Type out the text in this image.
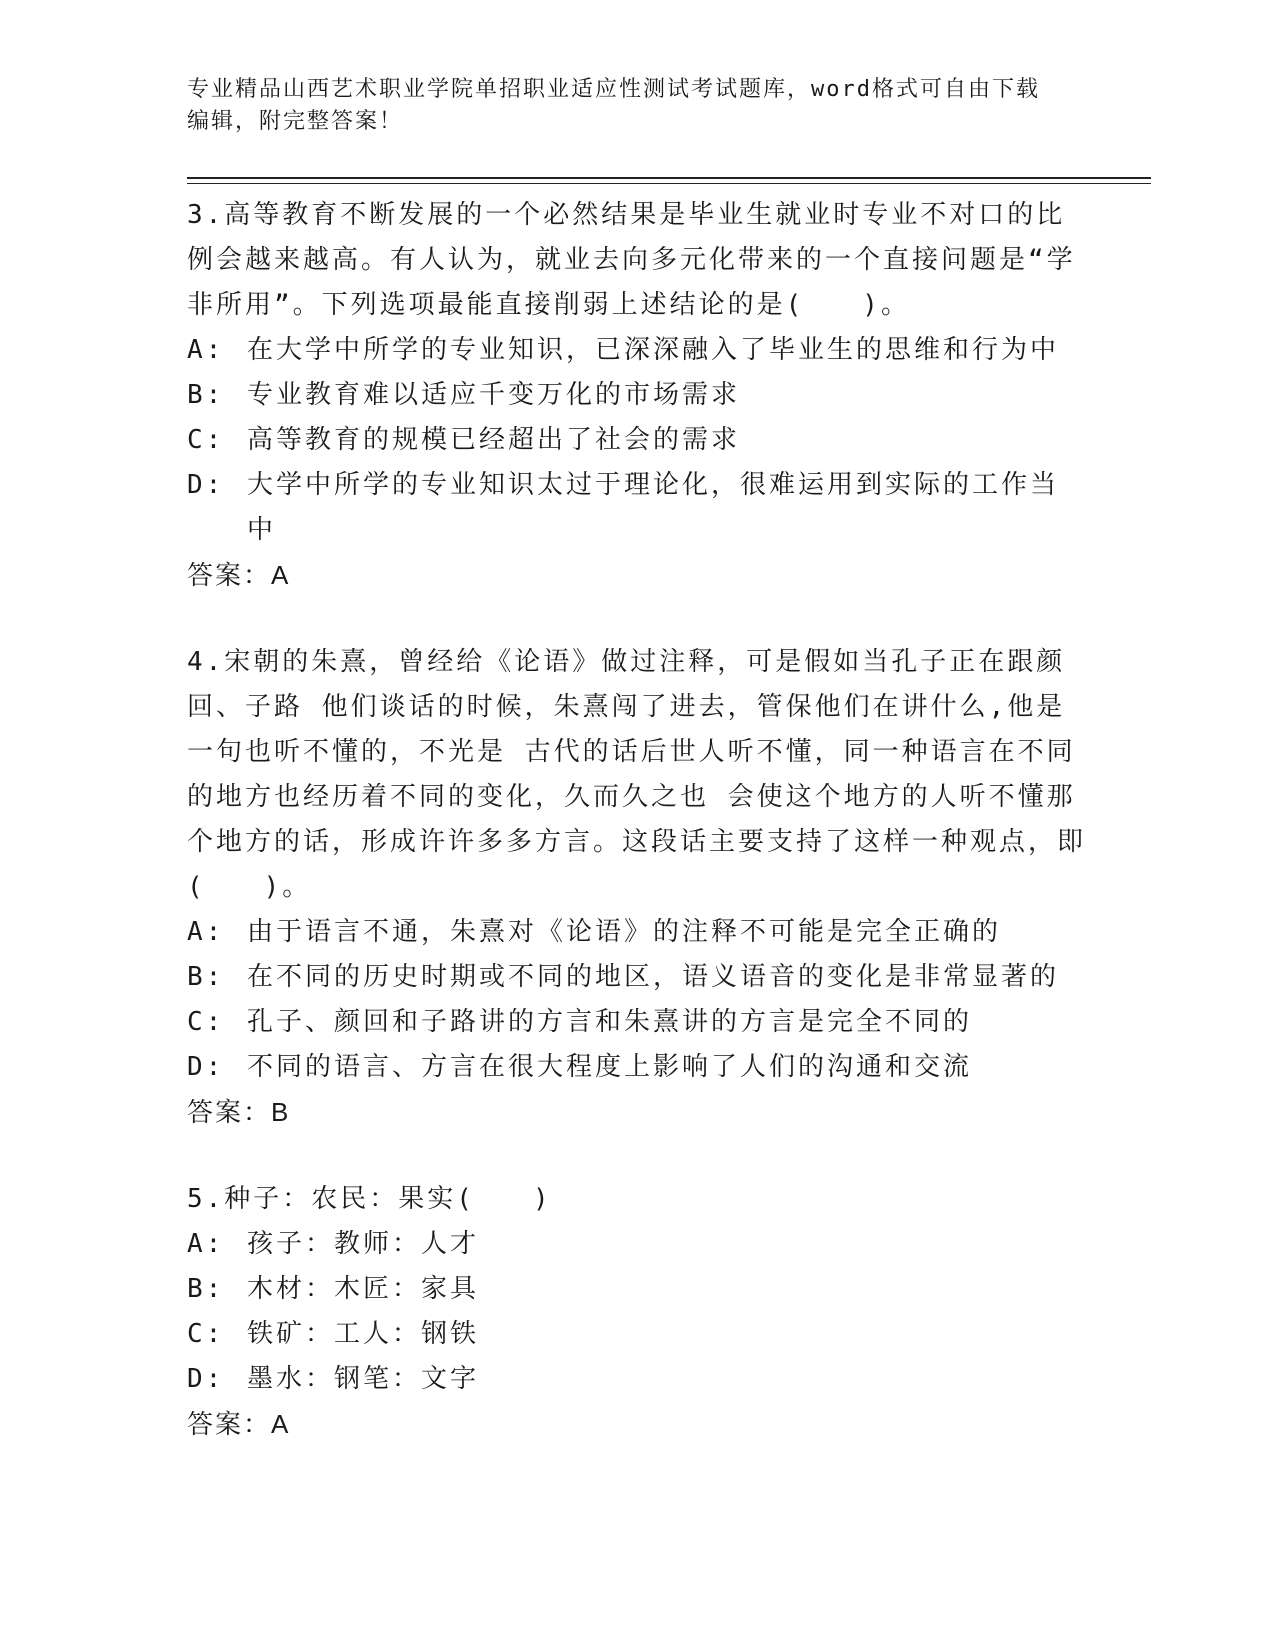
专业精品山西艺术职业学院单招职业适应性测试考试题库，word格式可自由下载
编辑，附完整答案！

3.高等教育不断发展的一个必然结果是毕业生就业时专业不对口的比例会越来越高。有人认为，就业去向多元化带来的一个直接问题是“学非所用”。下列选项最能直接削弱上述结论的是(　　)。

A: 在大学中所学的专业知识，已深深融入了毕业生的思维和行为中
B: 专业教育难以适应千变万化的市场需求
C: 高等教育的规模已经超出了社会的需求
D: 大学中所学的专业知识太过于理论化，很难运用到实际的工作当中
答案：A

4.宋朝的朱熹，曾经给《论语》做过注释，可是假如当孔子正在跟颜回、子路 他们谈话的时候，朱熹闯了进去，管保他们在讲什么,他是一句也听不懂的，不光是 古代的话后世人听不懂，同一种语言在不同的地方也经历着不同的变化，久而久之也 会使这个地方的人听不懂那个地方的话，形成许许多多方言。这段话主要支持了这样一种观点，即(　　)。

A: 由于语言不通，朱熹对《论语》的注释不可能是完全正确的
B: 在不同的历史时期或不同的地区，语义语音的变化是非常显著的
C: 孔子、颜回和子路讲的方言和朱熹讲的方言是完全不同的
D: 不同的语言、方言在很大程度上影响了人们的沟通和交流
答案：B

5.种子：农民：果实(　　)

A: 孩子：教师：人才
B: 木材：木匠：家具
C: 铁矿：工人：钢铁
D: 墨水：钢笔：文字
答案：A
